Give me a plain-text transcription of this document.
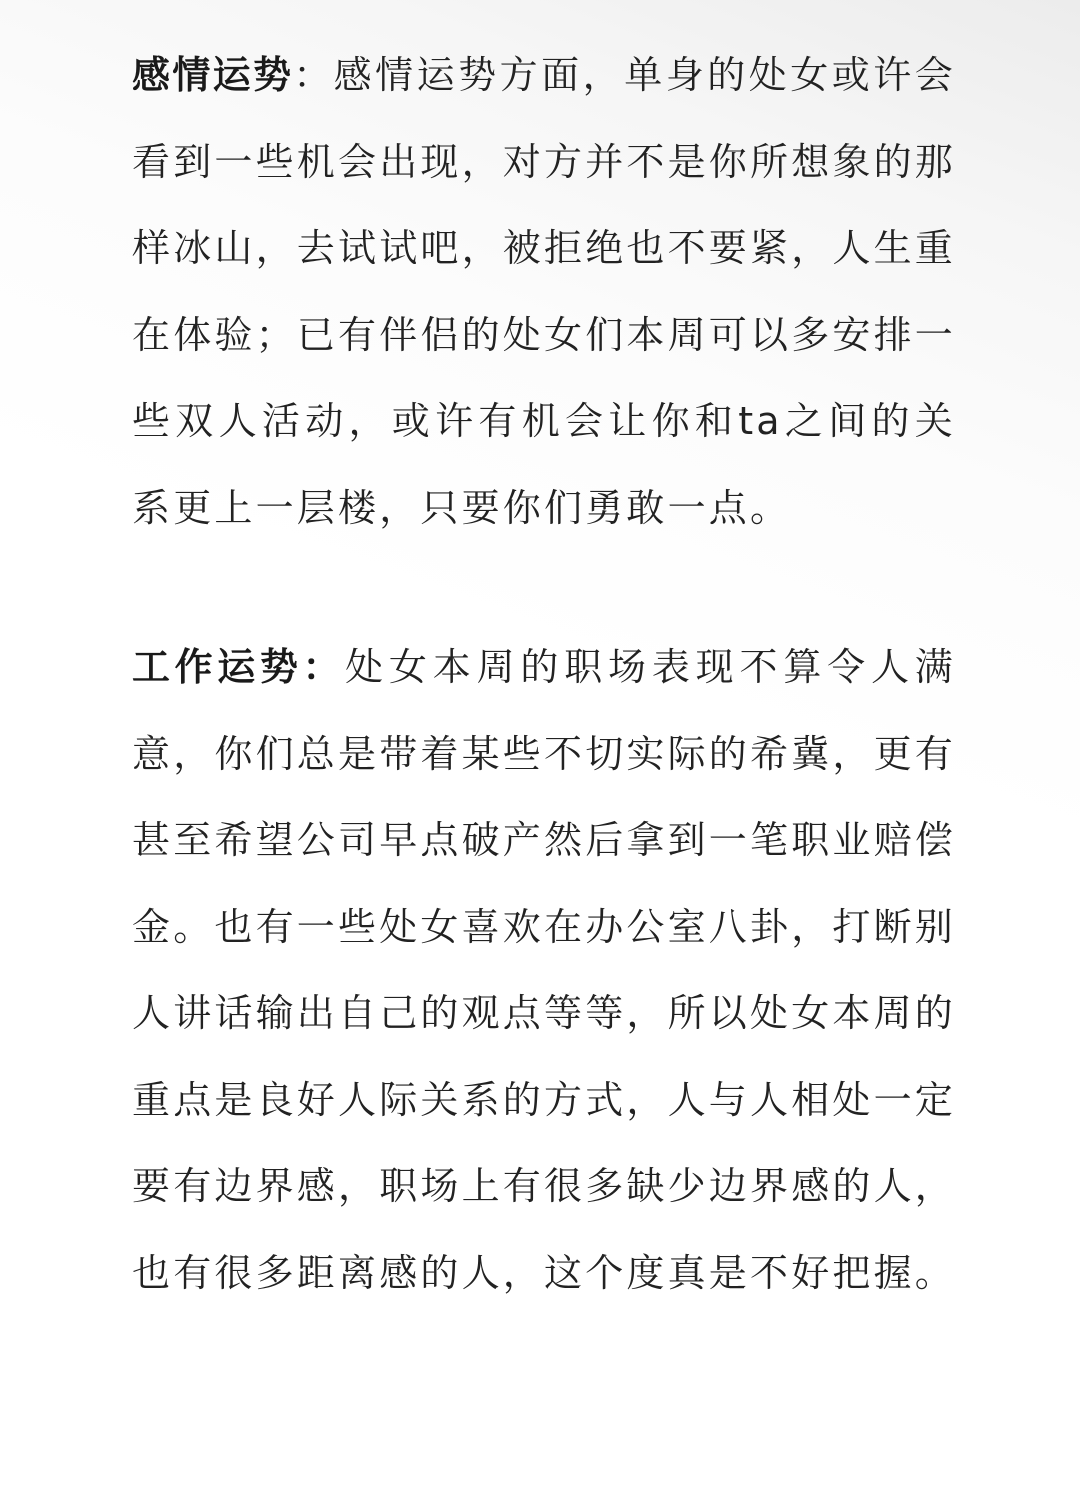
感情运势：感情运势方面，单身的处女或许会看到一些机会出现，对方并不是你所想象的那样冰山，去试试吧，被拒绝也不要紧，人生重在体验；已有伴侣的处女们本周可以多安排一些双人活动，或许有机会让你和ta之间的关系更上一层楼，只要你们勇敢一点。

工作运势：处女本周的职场表现不算令人满意，你们总是带着某些不切实际的希冀，更有甚至希望公司早点破产然后拿到一笔职业赔偿金。也有一些处女喜欢在办公室八卦，打断别人讲话输出自己的观点等等，所以处女本周的重点是良好人际关系的方式，人与人相处一定要有边界感，职场上有很多缺少边界感的人，也有很多距离感的人，这个度真是不好把握。
